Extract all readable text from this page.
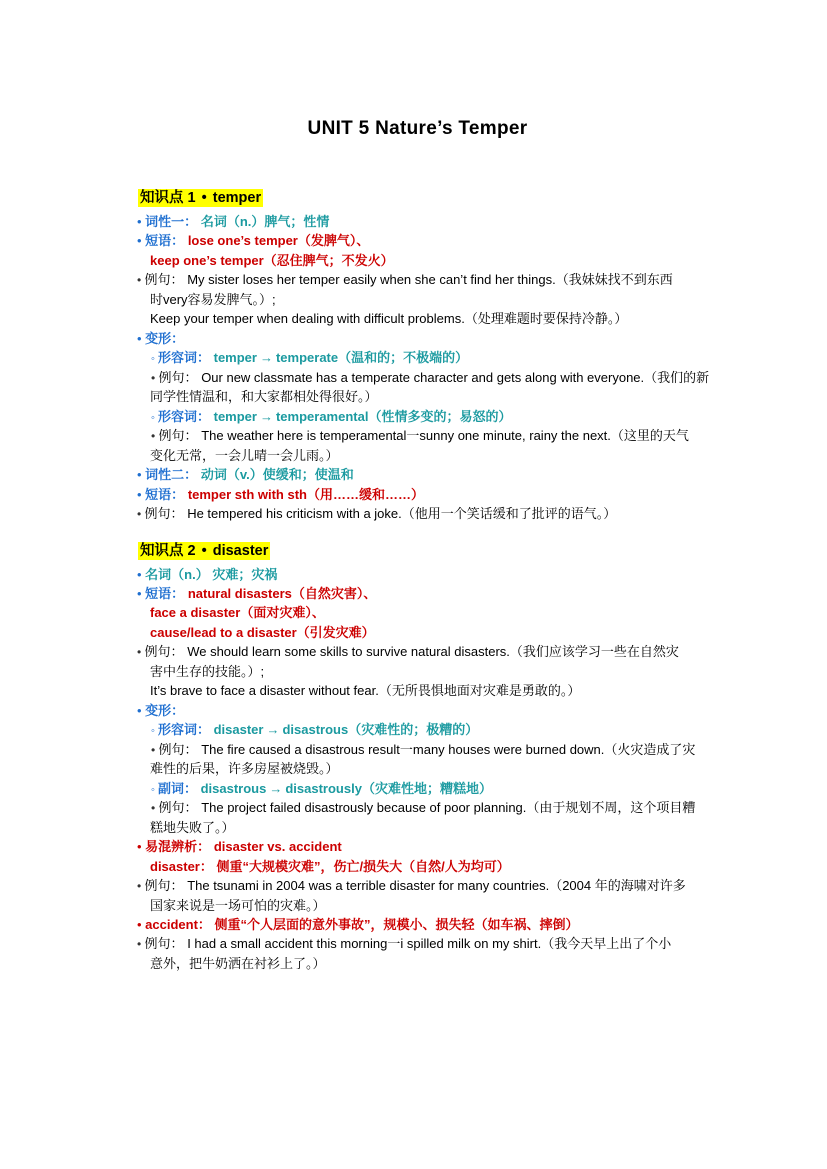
UNIT 5 Nature’s Temper
知识点 1 • temper
• 词性一： 名词（n.）脾气；性情
• 短语： lose one’s temper（发脾气）、
keep one’s temper（忍住脾气；不发火）
• 例句： My sister loses her temper easily when she can’t find her things.（我妹妹找不到东西
时very容易发脾气。）;
Keep your temper when dealing with difficult problems.（处理难题时要保持冷静。）
• 变形：
◦ 形容词： temper → temperate（温和的；不极端的）
• 例句： Our new classmate has a temperate character and gets along with everyone.（我们的新
同学性情温和，和大家都相处得很好。）
◦ 形容词： temper → temperamental（性情多变的；易怒的）
• 例句： The weather here is temperamental一sunny one minute, rainy the next.（这里的天气
变化无常，一会儿晴一会儿雨。）
• 词性二： 动词（v.）使缓和；使温和
• 短语： temper sth with sth（用……缓和……）
• 例句： He tempered his criticism with a joke.（他用一个笑话缓和了批评的语气。）
知识点 2 • disaster
• 名词（n.） 灾难；灾祸
• 短语： natural disasters（自然灾害）、
face a disaster（面对灾难）、
cause/lead to a disaster（引发灾难）
• 例句： We should learn some skills to survive natural disasters.（我们应该学习一些在自然灾
害中生存的技能。）;
It’s brave to face a disaster without fear.（无所畏惧地面对灾难是勇敢的。）
• 变形：
◦ 形容词： disaster → disastrous（灾难性的；极糟的）
• 例句： The fire caused a disastrous result一many houses were burned down.（火灾造成了灾
难性的后果，许多房屋被烧毁。）
◦ 副词： disastrous → disastrously（灾难性地；糟糕地）
• 例句： The project failed disastrously because of poor planning.（由于规划不周，这个项目糟
糕地失败了。）
• 易混辨析： disaster vs. accident
disaster： 侧重“大规模灾难”，伤亡/损失大（自然/人为均可）
• 例句： The tsunami in 2004 was a terrible disaster for many countries.（2004 年的海啸对许多
国家来说是一场可怕的灾难。）
• accident： 侧重“个人层面的意外事故”，规模小、损失轻（如车祸、摔倒）
• 例句： I had a small accident this morning一i spilled milk on my shirt.（我今天早上出了个小
意外，把牛奶洒在衬衫上了。）
